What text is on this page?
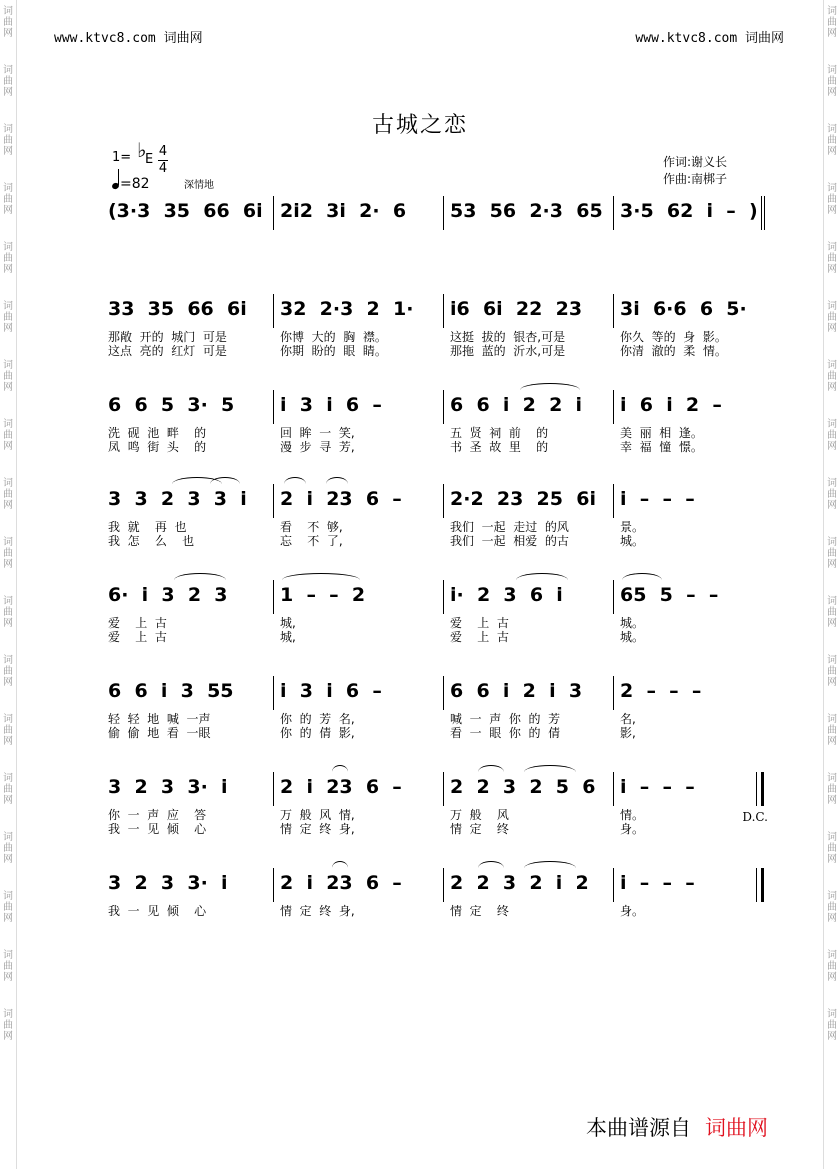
词
曲
网
词
曲
网
词
曲
网
词
曲
网
词
曲
网
词
曲
网
词
曲
网
词
曲
网
词
曲
网
词
曲
网
词
曲
网
词
曲
网
词
曲
网
词
曲
网
词
曲
网
词
曲
网
词
曲
网
词
曲
网
词
曲
网
词
曲
网
词
曲
网
词
曲
网
词
曲
网
词
曲
网
词
曲
网
词
曲
网
词
曲
网
词
曲
网
词
曲
网
词
曲
网
词
曲
网
词
曲
网
词
曲
网
词
曲
网
词
曲
网
词
曲
网
www.ktvc8.com 词曲网	www.ktvc8.com 词曲网
古城之恋
1= ♭
E
4
4
=82	深情地
作词:谢义长
作曲:南梆子
(3·3  35  66  6i 2i2  3i  2·  6 53  56  2·3  65 3·5  62  i  –  )
33  35  66  6i
那敞  开的  城门  可是
这点  亮的  红灯  可是
32  2·3  2  1·
你博  大的  胸  襟。
你期  盼的  眼  睛。
i6  6i  22  23
这挺  拔的  银杏,可是
那拖  蓝的  沂水,可是
3i  6·6  6  5·
你久  等的  身  影。
你清  澈的  柔  情。
6  6  5  3·  5
洗  砚  池  畔    的
凤  鸣  街  头    的
i  3  i  6  –
回  眸  一  笑,
漫  步  寻  芳,
6  6  i  2  2  i
五  贤  祠  前    的
书  圣  故  里    的
i  6  i  2  –
美  丽  相  逢。
幸  福  憧  憬。
3  3  2  3  3  i
我  就    再  也
我  怎    么    也
2  i  23  6  –
看    不  够,
忘    不  了,
2·2  23  25  6i
我们  一起  走过  的风
我们  一起  相爱  的古
i  –  –  –
景。
城。
6·  i  3  2  3
爱    上  古
爱    上  古
1  –  –  2
城,
城,
i·  2  3  6  i
爱    上  古
爱    上  古
65  5  –  –
城。
城。
6  6  i  3  55
轻  轻  地  喊  一声
偷  偷  地  看  一眼
i  3  i  6  –
你  的  芳  名,
你  的  倩  影,
6  6  i  2  i  3
喊  一  声  你  的  芳
看  一  眼  你  的  倩
2  –  –  –
名,
影,
3  2  3  3·  i
你  一  声  应    答
我  一  见  倾    心
2  i  23  6  –
万  般  风  情,
情  定  终  身,
2  2  3  2  5  6
万  般    风
情  定    终
i  –  –  –
情。
身。
D.C.
3  2  3  3·  i
我  一  见  倾    心
2  i  23  6  –
情  定  终  身,
2  2  3  2  i  2
情  定    终
i  –  –  –
身。
本曲谱源自 词曲网
